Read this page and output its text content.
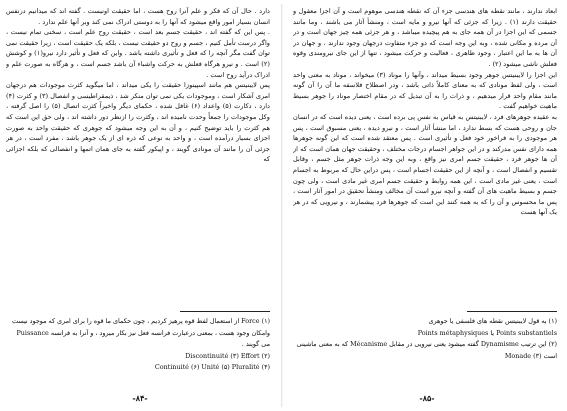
دارد . حال آن که فکر و علم آنرا روح هست ، اما حقیقت اونیست . گفته اند که میدانیم درنفس انسان بسیار امور واقع میشود که آنها را به دوستی ادراک نمی کند وبر آنها علم ندارد .

. پس این که گفته اند ، حقیقت جسم بعد است ، حقیقت روح علم است ، سخنی تمام نیست ، واگر درست تأمل کنیم ، جسم و روح دو حقیقت نیست ، بلکه یک حقیقت است ، زیرا حقیقت نمی توان گفت مگر آنچه را که فعل و تأثیری داشته باشد . واین که فعل و تأثیر دارد نیرو(۱) و کوشش (۲) است . و نیرو هرگاه فعلش به حرکت واشباء آن باشد جسم است ، و هرگاه به صورت علم و ادراک درآید روح است .

پس لایبنیتس هم مانند اسپینوزا حقیقت را یکی میداند ، اما میگوید کثرت موجودات هم درجهان امری آشکار است ، وموجودات یکی نمی توان منکر شد ، ذیمقراطیسی و انفصال (۳) و کثرت (۴) دارد ، دکارت (۵) واعداد (۶) غافل شده ، حکمای دیگر واخیراً کثرت اتصال (۵) را اصل گرفته ، وکل موجودات را جمعاً وحدت نامیده اند ، وکثرت را ازنظر دور داشته اند ، ولی حق این است که هم کثرت را باید توضیح کنیم ، و آن به این وجه میشود که جوهری که حقیقت واحد به صورت اجزای بسیار درآمده است ، و واحد به نوعی که ذره ای از یک جوهر باشد ، مفرد است ، در هر جزئی آن را مانند آن مونادی گویند ، و اپیکور گفته به جای همان اتمها و انفصالی که بلکه اجزائی که

(۱) Force از استعمال لفظ قوه پرهیز کردیم ، چون حکمای ما قوه را برای امری که موجود نیست وامکان وجود هست ، بمعنی درعبارت فرانسه فعل نیز بکار میرود ، و آنرا به فرانسه Puissance می گویند .

Discontinuité (۳) Effort (۲)

Continuité (۶) Unité (۵) Pluralité (۴)

-۸۴-

ابعاد ندارند ، مانند نقطه های هندسی جزء آن که نقطه هندسی موهوم است و آن اجزا معقول و حقیقت دارند (۱) . زیرا که جزئی که آنها نیرو و مایه است ، ومنشأ آثار می باشند ، وما مانند جسمی که این اجزا در آن همه جای به هم پیچیده میباشد ، و هر جزئی همه چیز جهان است و در آن مرده و مکانی شده ، وبه این وجه است که دو جزء متفاوت درجهان وجود ندارند ، و جهان در آن ها به ما این اعتبار ، وجود ظاهری ، فعالیت و حرکت میشود ، تنها از این جای نیرومندی وقوه فعلش ناشی میشود (۲) .

این اجزا را لایبنیتس جوهر وجود بسیط میداند ، وآنها را موناد (۳) میخواند ، موناد به معنی واحد است ، ولی لفظ مونادی که به معنای کاملاً ذاتی باشد ، ودر اصطلاح فلاسفه ما آن را آن گونه مانند مقام واحد قرار میدهیم ، و ذرات را به آن تبدیل که در مقام اختصار موناد را جوهر بسیط ماهیت خواهیم گفت .

به عقیده جوهرهای فرد ، لایبنیتس به قیاس به نفس پی برده است ، یعنی دیده است که در انسان جان و روحی هست که بسط ندارد ، اما منشأ آثار است ، و نیرو دیده ، یعنی مسبوق است ، پس هر موجودی را به فراخور خود فعل و تأثیری است . پس معتقد شده است که این گونه جوهرها همه دارای نفس مدرکند و در این جواهر اجسام درجات مختلف ، وحقیقت جهان همان است که از آن ها جوهر فرد ، حقیقت جسم امری نیز واقع ، وبه این وجه ذرات جوهر مثل جسم ، وقابل تقسیم و انفصال است ، و آنچه از این حقیقت اجسام است ، پس دراین حال که مربوط به اجسام است ، یعنی غیر مادی است ، این همه روابط و حقیقت جسم امری غیر مادی است ، ولی چون جسم و بسیط ماهیت های آن گفته و آنچه نیرو است آن مخالف ومنشأ تحقیق در امور آثار است ، پس ما محسوس و آن را که به همه کنند این است که جوهرها فرد پیشمارند ، و نیرویی که در هر یک آنها هست

(۱) به قول لایبنیتس نقطه های فلسفی یا جوهری

Points substantiels یا Points métaphysiques

(۲) این ترتیب Dynamisme گفته میشود یعنی نیرویی در مقابل Mécanisme که به معنی ماشینی است (۳) Monade

-۸۵-
